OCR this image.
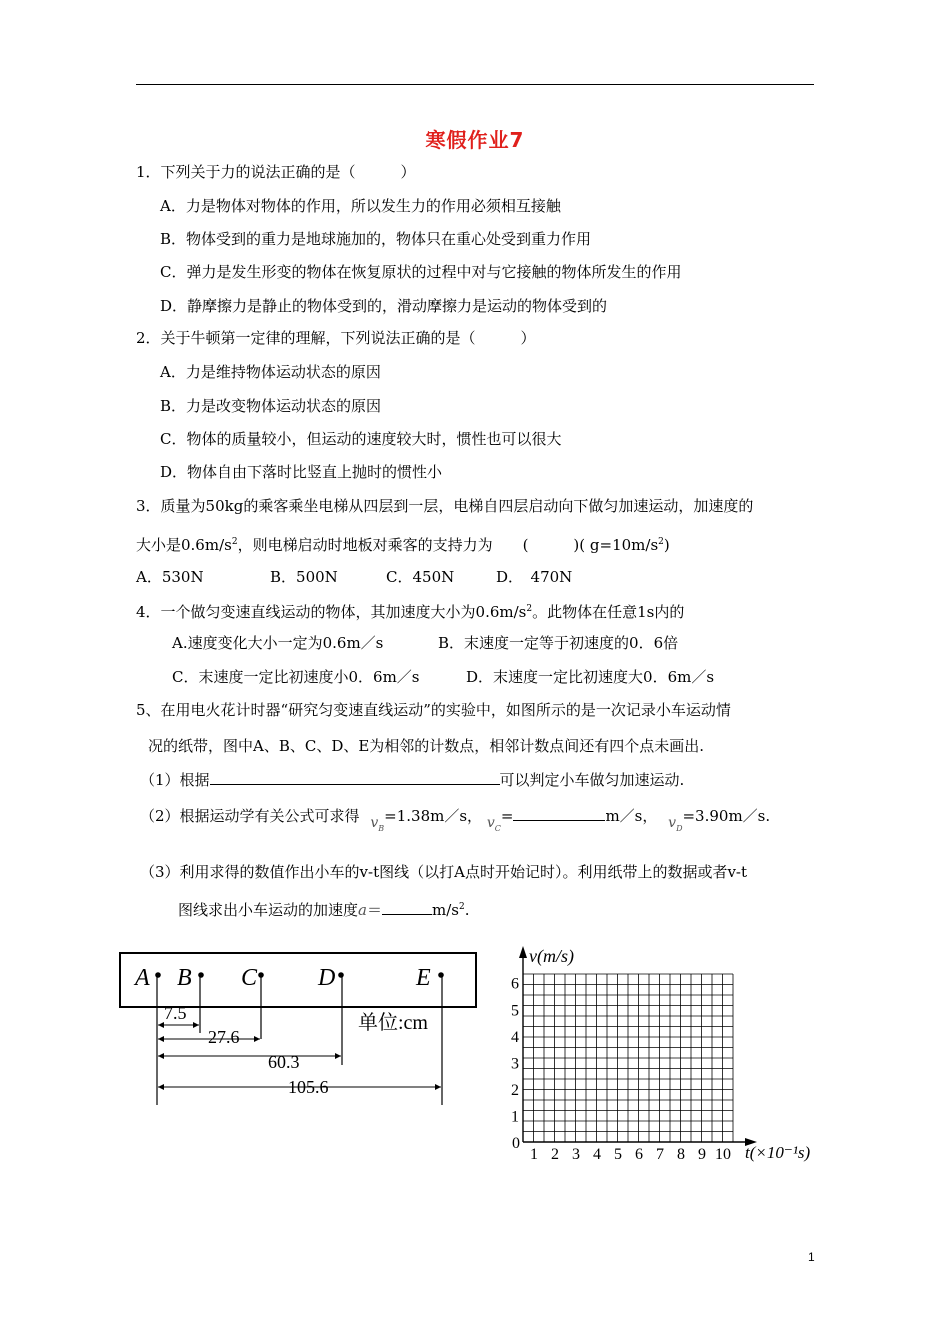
寒假作业7
1．下列关于力的说法正确的是（　　　）
A．力是物体对物体的作用，所以发生力的作用必须相互接触
B．物体受到的重力是地球施加的，物体只在重心处受到重力作用
C．弹力是发生形变的物体在恢复原状的过程中对与它接触的物体所发生的作用
D．静摩擦力是静止的物体受到的，滑动摩擦力是运动的物体受到的
2．关于牛顿第一定律的理解，下列说法正确的是（　　　）
A．力是维持物体运动状态的原因
B．力是改变物体运动状态的原因
C．物体的质量较小，但运动的速度较大时，惯性也可以很大
D．物体自由下落时比竖直上抛时的惯性小
3．质量为50kg的乘客乘坐电梯从四层到一层，电梯自四层启动向下做匀加速运动，加速度的
大小是$0.6m/s^2$，则电梯启动时地板对乘客的支持力为　　(　　　)( $g=10m/s^2$)
A．530N	B．500N	C．450N	D．　470N
4．一个做匀变速直线运动的物体，其加速度大小为$0.6m/s^2$。此物体在任意1s内的
A.速度变化大小一定为0.6m／s	B．末速度一定等于初速度的0．6倍
C．末速度一定比初速度小0．6m／s	D．末速度一定比初速度大0．6m／s
5、在用电火花计时器“研究匀变速直线运动”的实验中，如图所示的是一次记录小车运动情
况的纸带，图中A、B、C、D、E为相邻的计数点，相邻计数点间还有四个点未画出.
（1）根据	可以判定小车做匀加速运动.
（2）根据运动学有关公式可求得 $v_B=1.38m/s$， $v_C=$	m／s， $v_D=3.90m/s$.
（3）利用求得的数值作出小车的v-t图线（以打A点时开始记时）。利用纸带上的数据或者v-t
图线求出小车运动的加速度a＝	$m/s^2$.
A B C	D	E
7.5
27.6
60.3
105.6
单位:cm
v(m/s)
t(×10⁻¹s)
0
1
2
3
4
5
6
1 2 3 4 5 6 7 8 9 10
1
